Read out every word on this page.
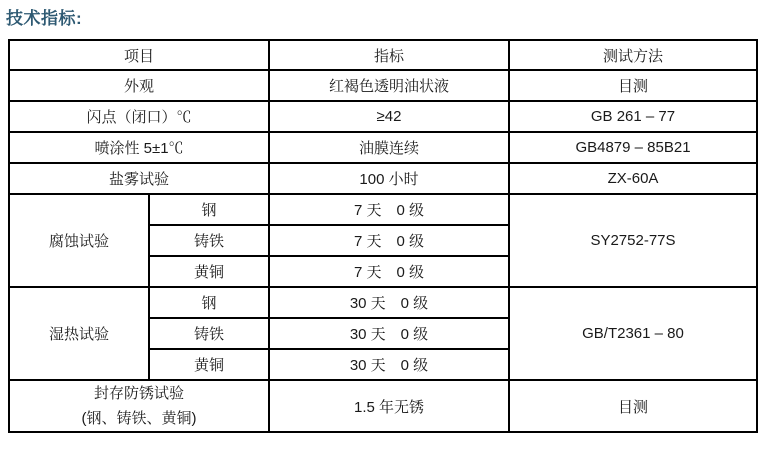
技术指标:
项目		指标	测试方法
外观		红褐色透明油状液	目测
闪点（闭口）℃		≥42	GB 261 – 77
喷涂性 5±1℃		油膜连续	GB4879 – 85B21
盐雾试验		100 小时	ZX-60A
腐蚀试验	钢	7 天　0 级	SY2752-77S
	铸铁	7 天　0 级	
	黄铜	7 天　0 级	
湿热试验	钢	30 天　0 级	GB/T2361 – 80
	铸铁	30 天　0 级	
	黄铜	30 天　0 级	

封存防锈试验
(钢、铸铁、黄铜)		1.5 年无锈	目测
